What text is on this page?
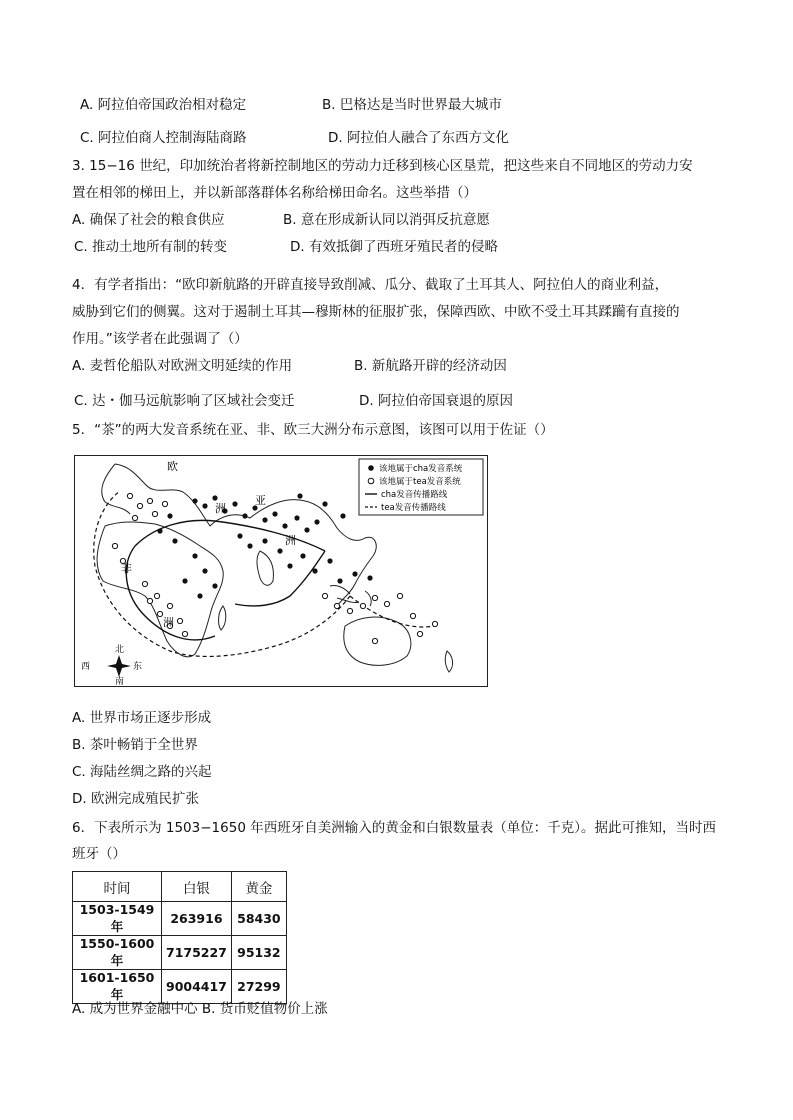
A. 阿拉伯帝国政治相对稳定	B. 巴格达是当时世界最大城市
C. 阿拉伯商人控制海陆商路	D. 阿拉伯人融合了东西方文化
3. 15−16 世纪，印加统治者将新控制地区的劳动力迁移到核心区垦荒，把这些来自不同地区的劳动力安
置在相邻的梯田上，并以新部落群体名称给梯田命名。这些举措（）
A. 确保了社会的粮食供应	B. 意在形成新认同以消弭反抗意愿
C. 推动土地所有制的转变	D. 有效抵御了西班牙殖民者的侵略
4．有学者指出：“欧印新航路的开辟直接导致削减、瓜分、截取了土耳其人、阿拉伯人的商业利益，
威胁到它们的侧翼。这对于遏制土耳其—穆斯林的征服扩张，保障西欧、中欧不受土耳其蹂躏有直接的
作用。”该学者在此强调了（）
A. 麦哲伦船队对欧洲文明延续的作用	B. 新航路开辟的经济动因
C. 达・伽马远航影响了区域社会变迁	D. 阿拉伯帝国衰退的原因
5．“茶”的两大发音系统在亚、非、欧三大洲分布示意图，该图可以用于佐证（）
该地属于cha发音系统
该地属于tea发音系统
cha发音传播路线
tea发音传播路线
欧
洲
亚
洲
非
洲
北
南
西	东
A. 世界市场正逐步形成
B. 茶叶畅销于全世界
C. 海陆丝绸之路的兴起
D. 欧洲完成殖民扩张
6．下表所示为 1503−1650 年西班牙自美洲输入的黄金和白银数量表（单位：千克）。据此可推知，当时西
班牙（）
时间	白银	黄金
1503-1549 年	263916	58430
1550-1600 年	7175227	95132
1601-1650 年	9004417	27299
A. 成为世界金融中心 B. 货币贬值物价上涨
